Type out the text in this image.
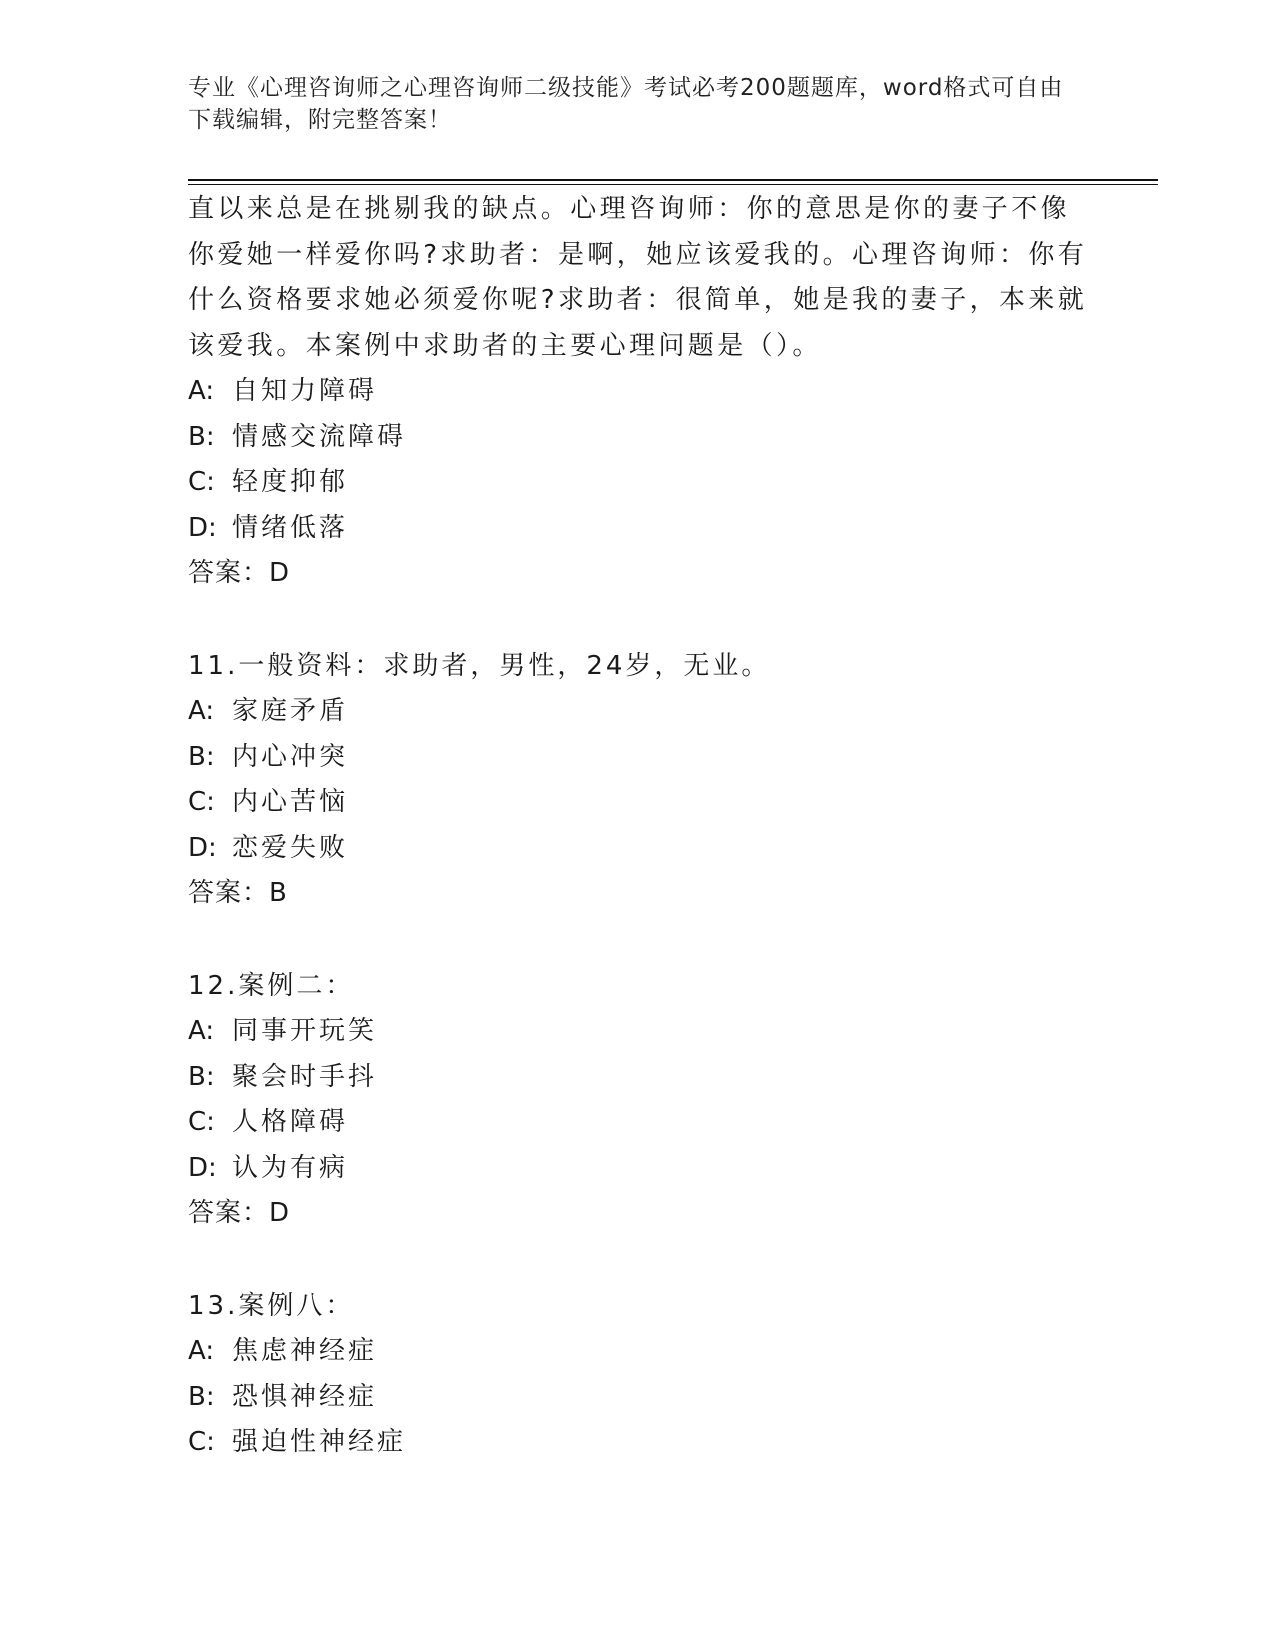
专业《心理咨询师之心理咨询师二级技能》考试必考200题题库，word格式可自由下载编辑，附完整答案！

直以来总是在挑剔我的缺点。心理咨询师：你的意思是你的妻子不像你爱她一样爱你吗?求助者：是啊，她应该爱我的。心理咨询师：你有什么资格要求她必须爱你呢?求助者：很简单，她是我的妻子，本来就该爱我。本案例中求助者的主要心理问题是（）。

A: 自知力障碍

B: 情感交流障碍

C: 轻度抑郁

D: 情绪低落

答案：D

11.一般资料：求助者，男性，24岁，无业。

A: 家庭矛盾

B: 内心冲突

C: 内心苦恼

D: 恋爱失败

答案：B

12.案例二：

A: 同事开玩笑

B: 聚会时手抖

C: 人格障碍

D: 认为有病

答案：D

13.案例八：

A: 焦虑神经症

B: 恐惧神经症

C: 强迫性神经症
